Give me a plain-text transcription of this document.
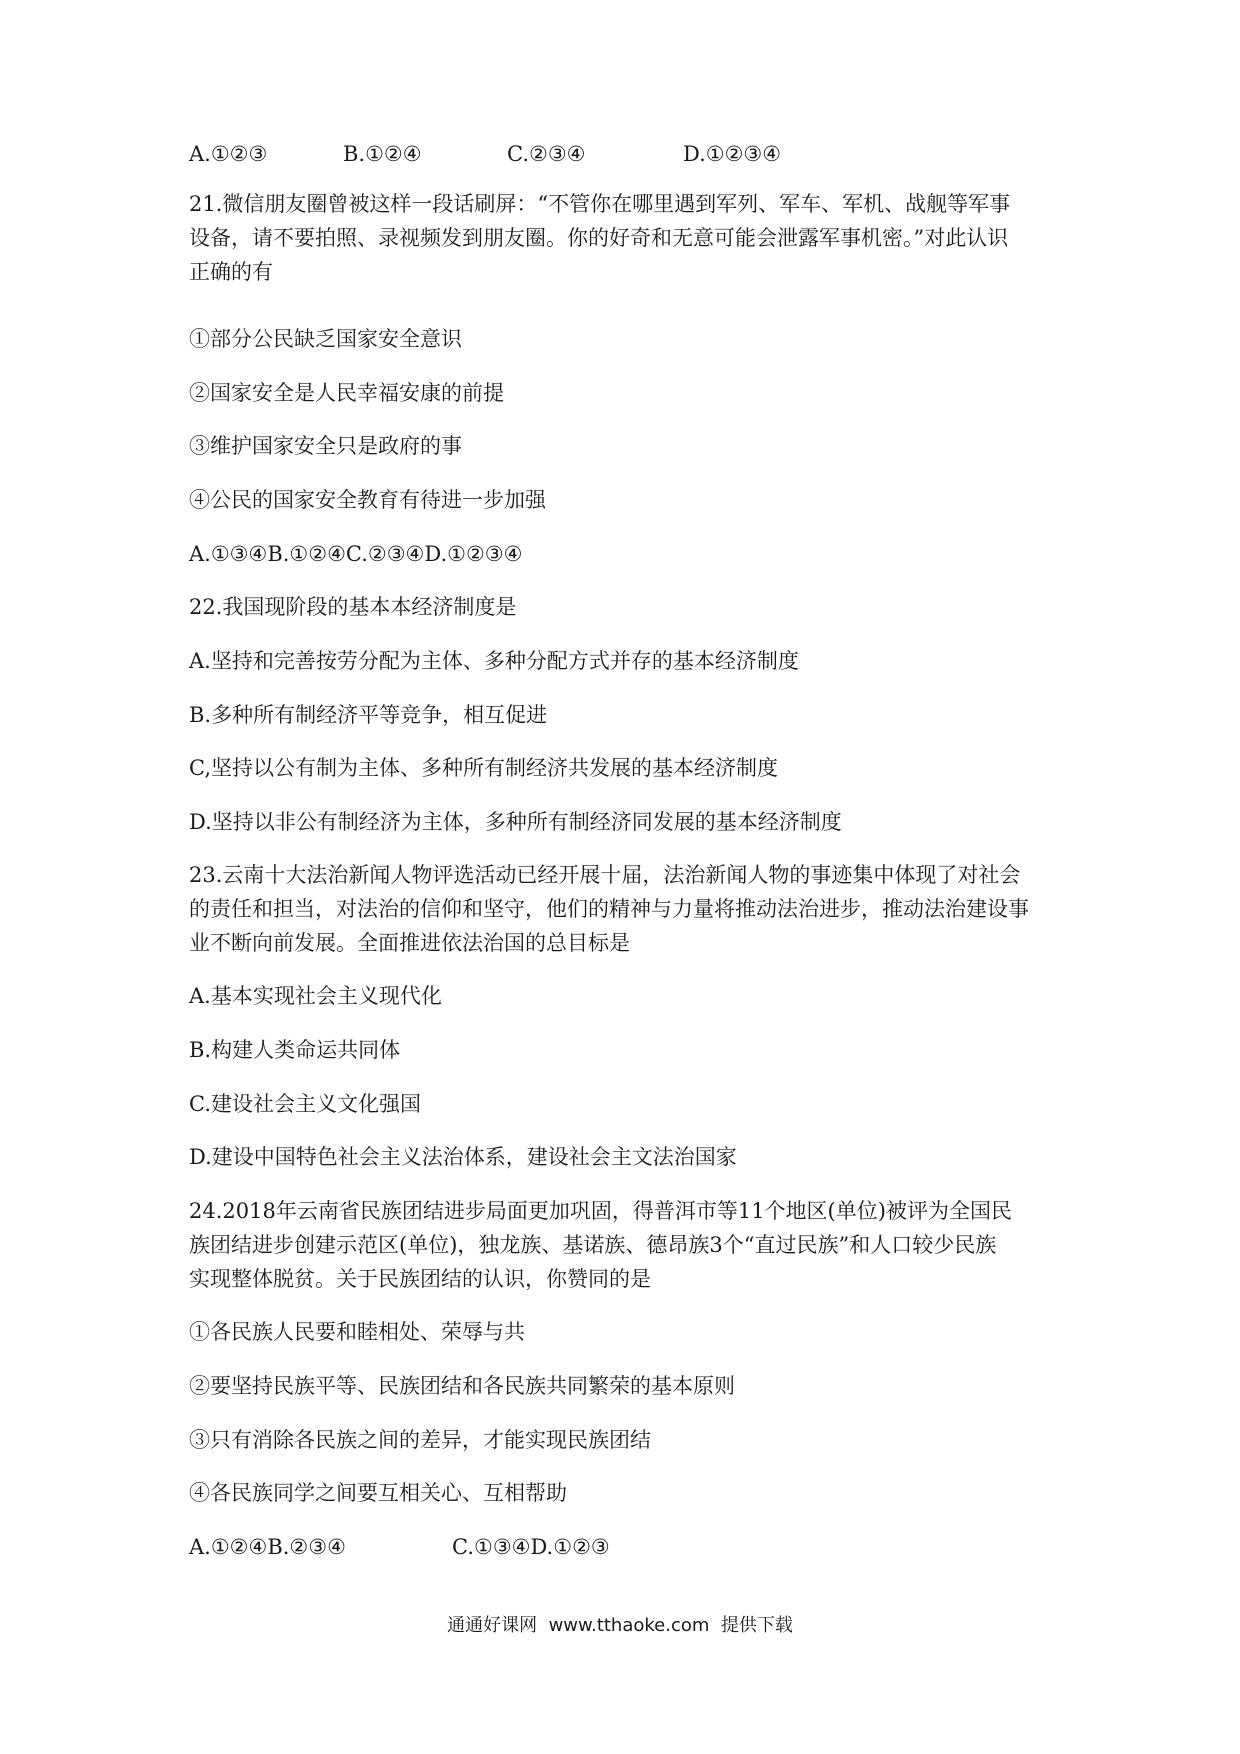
A.①②③	B.①②④	C.②③④	D.①②③④
21.微信朋友圈曾被这样一段话刷屏：“不管你在哪里遇到军列、军车、军机、战舰等军事
设备，请不要拍照、录视频发到朋友圈。你的好奇和无意可能会泄露军事机密。”对此认识
正确的有
①部分公民缺乏国家安全意识
②国家安全是人民幸福安康的前提
③维护国家安全只是政府的事
④公民的国家安全教育有待进一步加强
A.①③④B.①②④C.②③④D.①②③④
22.我国现阶段的基本本经济制度是
A.坚持和完善按劳分配为主体、多种分配方式并存的基本经济制度
B.多种所有制经济平等竞争，相互促进
C,坚持以公有制为主体、多种所有制经济共发展的基本经济制度
D.坚持以非公有制经济为主体，多种所有制经济同发展的基本经济制度
23.云南十大法治新闻人物评选活动已经开展十届，法治新闻人物的事迹集中体现了对社会
的责任和担当，对法治的信仰和坚守，他们的精神与力量将推动法治进步，推动法治建设事
业不断向前发展。全面推进依法治国的总目标是
A.基本实现社会主义现代化
B.构建人类命运共同体
C.建设社会主义文化强国
D.建设中国特色社会主义法治体系，建设社会主文法治国家
24.2018年云南省民族团结进步局面更加巩固，得普洱市等11个地区(单位)被评为全国民
族团结进步创建示范区(单位)，独龙族、基诺族、德昂族3个“直过民族”和人口较少民族
实现整体脱贫。关于民族团结的认识，你赞同的是
①各民族人民要和睦相处、荣辱与共
②要坚持民族平等、民族团结和各民族共同繁荣的基本原则
③只有消除各民族之间的差异，才能实现民族团结
④各民族同学之间要互相关心、互相帮助
A.①②④B.②③④	C.①③④D.①②③
通通好课网  www.tthaoke.com  提供下载
